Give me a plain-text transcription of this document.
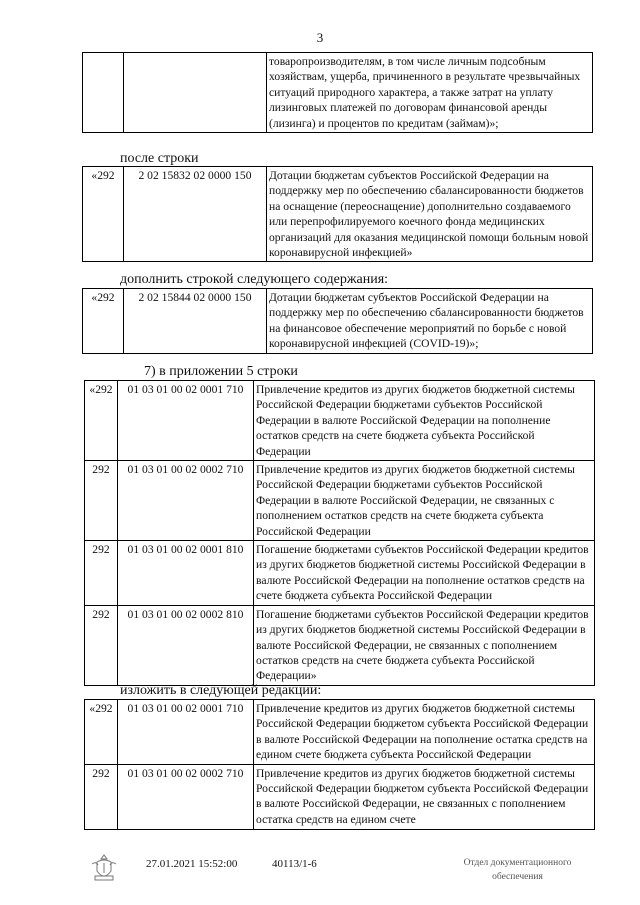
3
		товаропроизводителям, в том числе личным подсобным хозяйствам, ущерба, причиненного в результате чрезвычайных ситуаций природного характера, а также затрат на уплату лизинговых платежей по договорам финансовой аренды (лизинга) и процентов по кредитам (займам)»;
после строки
«292	2 02 15832 02 0000 150	Дотации бюджетам субъектов Российской Федерации на поддержку мер по обеспечению сбалансированности бюджетов на оснащение (переоснащение) дополнительно создаваемого или перепрофилируемого коечного фонда медицинских организаций для оказания медицинской помощи больным новой коронавирусной инфекцией»
дополнить строкой следующего содержания:
«292	2 02 15844 02 0000 150	Дотации бюджетам субъектов Российской Федерации на поддержку мер по обеспечению сбалансированности бюджетов на финансовое обеспечение мероприятий по борьбе с новой коронавирусной инфекцией (COVID-19)»;
7) в приложении 5 строки
«292	01 03 01 00 02 0001 710	Привлечение кредитов из других бюджетов бюджетной системы Российской Федерации бюджетами субъектов Российской Федерации в валюте Российской Федерации на пополнение остатков средств на счете бюджета субъекта Российской Федерации
292	01 03 01 00 02 0002 710	Привлечение кредитов из других бюджетов бюджетной системы Российской Федерации бюджетами субъектов Российской Федерации в валюте Российской Федерации, не связанных с пополнением остатков средств на счете бюджета субъекта Российской Федерации
292	01 03 01 00 02 0001 810	Погашение бюджетами субъектов Российской Федерации кредитов из других бюджетов бюджетной системы Российской Федерации в валюте Российской Федерации на пополнение остатков средств на счете бюджета субъекта Российской Федерации
292	01 03 01 00 02 0002 810	Погашение бюджетами субъектов Российской Федерации кредитов из других бюджетов бюджетной системы Российской Федерации в валюте Российской Федерации, не связанных с пополнением остатков средств на счете бюджета субъекта Российской Федерации»
изложить в следующей редакции:
«292	01 03 01 00 02 0001 710	Привлечение кредитов из других бюджетов бюджетной системы Российской Федерации бюджетом субъекта Российской Федерации в валюте Российской Федерации на пополнение остатка средств на едином счете бюджета субъекта Российской Федерации
292	01 03 01 00 02 0002 710	Привлечение кредитов из других бюджетов бюджетной системы Российской Федерации бюджетом субъекта Российской Федерации в валюте Российской Федерации, не связанных с пополнением остатка средств на едином счете
27.01.2021 15:52:00	40113/1-6	Отдел документационного
обеспечения
